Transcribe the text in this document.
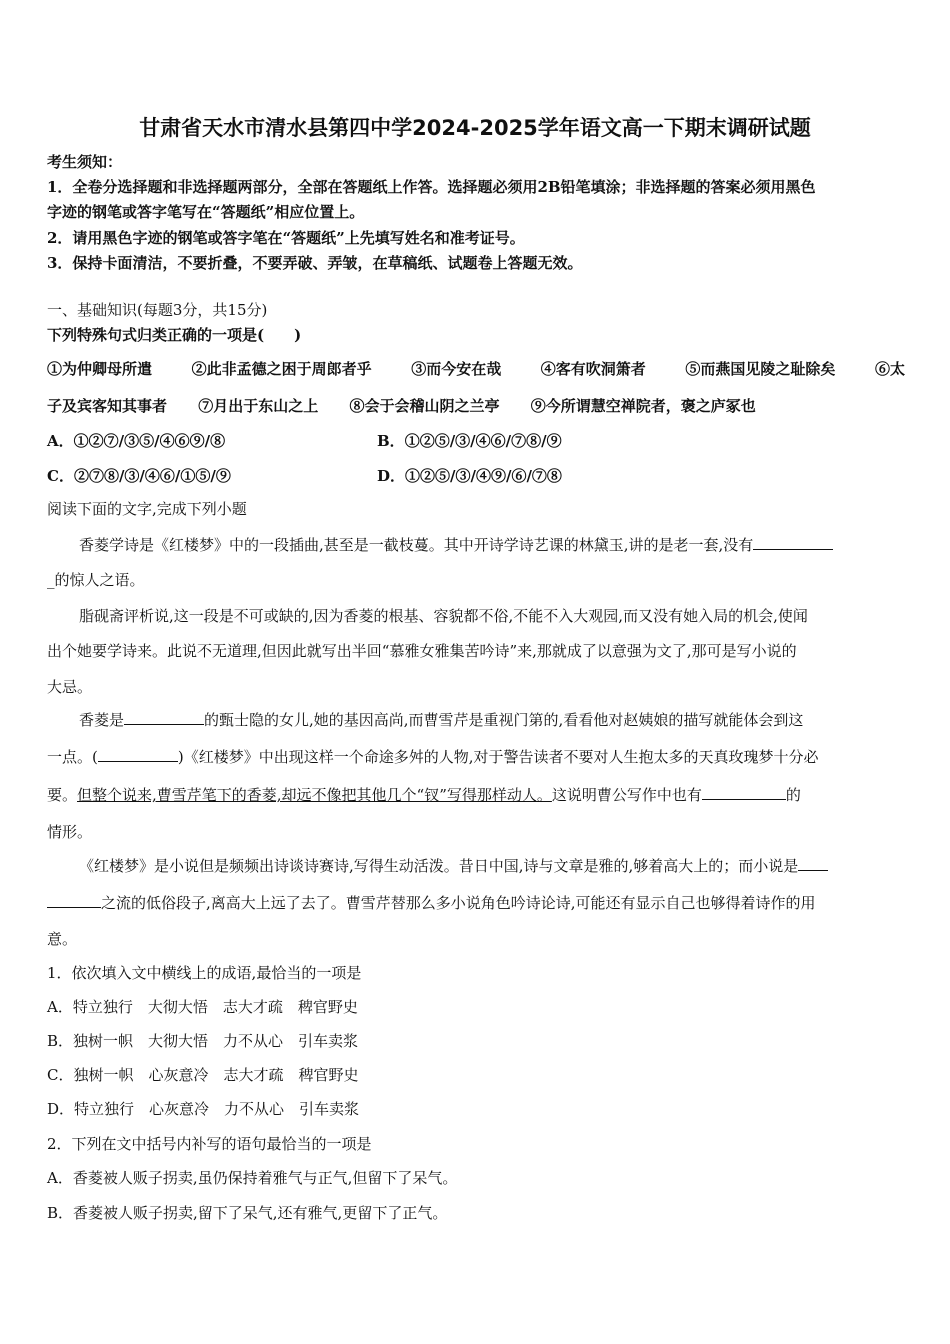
甘肃省天水市清水县第四中学2024-2025学年语文高一下期末调研试题
考生须知：
1．全卷分选择题和非选择题两部分，全部在答题纸上作答。选择题必须用2B铅笔填涂；非选择题的答案必须用黑色
字迹的钢笔或答字笔写在“答题纸”相应位置上。
2．请用黑色字迹的钢笔或答字笔在“答题纸”上先填写姓名和准考证号。
3．保持卡面清洁，不要折叠，不要弄破、弄皱，在草稿纸、试题卷上答题无效。
一、基础知识(每题3分，共15分)
下列特殊句式归类正确的一项是(　　)
①为仲卿母所遣	②此非孟德之困于周郎者乎	③而今安在哉	④客有吹洞箫者	⑤而燕国见陵之耻除矣	⑥太
子及宾客知其事者 ⑦月出于东山之上 ⑧会于会稽山阴之兰亭 ⑨今所谓慧空禅院者，褒之庐冢也
A．①②⑦/③⑤/④⑥⑨/⑧	B．①②⑤/③/④⑥/⑦⑧/⑨
C．②⑦⑧/③/④⑥/①⑤/⑨	D．①②⑤/③/④⑨/⑥/⑦⑧
阅读下面的文字,完成下列小题
香菱学诗是《红楼梦》中的一段插曲,甚至是一截枝蔓。其中开诗学诗艺课的林黛玉,讲的是老一套,没有
_的惊人之语。
脂砚斋评析说,这一段是不可或缺的,因为香菱的根基、容貌都不俗,不能不入大观园,而又没有她入局的机会,使闻
出个她要学诗来。此说不无道理,但因此就写出半回“慕雅女雅集苦吟诗”来,那就成了以意强为文了,那可是写小说的
大忌。
香菱是	的甄士隐的女儿,她的基因高尚,而曹雪芹是重视门第的,看看他对赵姨娘的描写就能体会到这
一点。(	)《红楼梦》中出现这样一个命途多舛的人物,对于警告读者不要对人生抱太多的天真玫瑰梦十分必
要。但整个说来,曹雪芹笔下的香菱,却远不像把其他几个“钗”写得那样动人。这说明曹公写作中也有	的
情形。
《红楼梦》是小说但是频频出诗谈诗赛诗,写得生动活泼。昔日中国,诗与文章是雅的,够着高大上的；而小说是
之流的低俗段子,离高大上远了去了。曹雪芹替那么多小说角色吟诗论诗,可能还有显示自己也够得着诗作的用
意。
1．依次填入文中横线上的成语,最恰当的一项是
A．特立独行　大彻大悟　志大才疏　稗官野史
B．独树一帜　大彻大悟　力不从心　引车卖浆
C．独树一帜　心灰意冷　志大才疏　稗官野史
D．特立独行　心灰意冷　力不从心　引车卖浆
2．下列在文中括号内补写的语句最恰当的一项是
A．香菱被人贩子拐卖,虽仍保持着雅气与正气,但留下了呆气。
B．香菱被人贩子拐卖,留下了呆气,还有雅气,更留下了正气。
